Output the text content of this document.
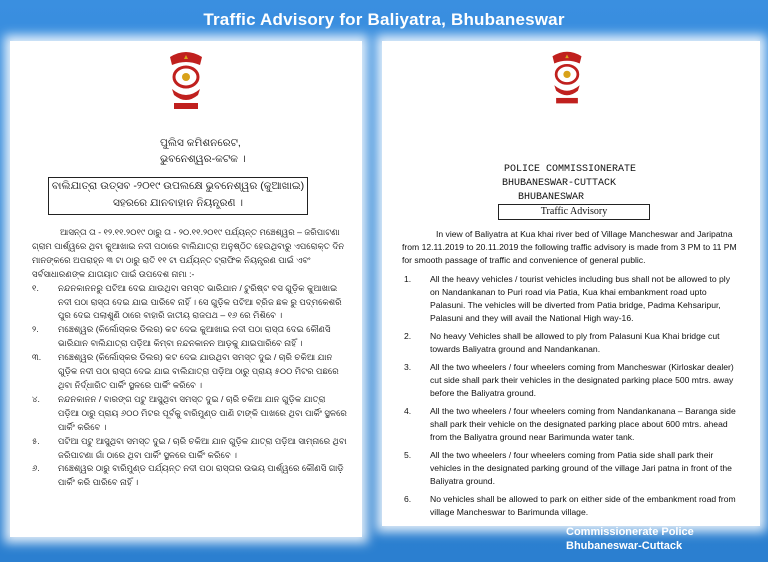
Traffic Advisory for Baliyatra, Bhubaneswar
ପୁଲିସ କମିଶନରେଟ,
ଭୁବନେଶ୍ୱର-କଟକ ।
ବାଲିଯାତ୍ରା ଉତ୍ସବ -୨୦୧୯ ଉପଲକ୍ଷେ ଭୁବନେଶ୍ୱର (କୁଆଖାଇ)
ସହରରେ ଯାନବାହାନ ନିୟନ୍ତ୍ରଣ ।

ଆସନ୍ତା ତା - ୧୨.୧୧.୨୦୧୯ ଠାରୁ ତା - ୨୦.୧୧.୨୦୧୯ ପର୍ଯ୍ୟନ୍ତ ମଞ୍ଚେଶ୍ୱର – ଜରିପାଟଣା ଗ୍ରାମ ପାର୍ଶ୍ୱରେ ଥିବା କୁଆଖାଇ ନଦୀ ପଠାରେ ବାଲିଯାତ୍ରା ଅନୁଷ୍ଠିତ ହେଉଥିବାରୁ ଏପରୋକ୍ତ ଦିନ ମାନଙ୍କରେ ଅପରାହ୍ନ ୩ ଟା ଠାରୁ ରାତି ୧୧ ଟା ପର୍ଯ୍ୟନ୍ତ ଟ୍ରାଫିକ ନିୟନ୍ତ୍ରଣ ପାଇଁ ଏବଂ ସର୍ବସାଧାରଣଙ୍କ ଯାତାୟାତ ପାଇଁ ଉପଦେଶ ନାମା :-

୧.	ନନ୍ଦନକାନନରୁ ପଟିଆ ଦେଇ ଯାଉଥିବା ସମସ୍ତ ଭାରିଯାନ / ଟୁରିଷ୍ଟ ବସ ଗୁଡ଼ିକ କୁଆଖାଇ ନଦୀ ପଠା ରାସ୍ତା ଦେଇ ଯାଇ ପାରିବେ ନାହିଁ । ସେ ଗୁଡ଼ିକ ପଟିଆ ବ୍ରିଜ ଛକ ରୁ ପଦ୍ମକେଶରି ପୁର ଦେଇ ପଲାଶୁଣି ଠାରେ ବାହାରି ଜାତୀୟ ରାଜପଥ – ୧୬ ରେ ମିଶିବେ ।
୨.	ମଞ୍ଚେଶ୍ୱର (କିର୍ଲୋସ୍କର ଡିଲର) କଟ ଦେଇ କୁଆଖାଇ ନଦୀ ପଠା ରାସ୍ତା ଦେଇ କୌଣସି ଭାରିଯାନ ବାଲିଯାତ୍ରା ପଡ଼ିଆ କିମ୍ବା ନନ୍ଦନକାନନ ଆଡ଼କୁ ଯାଇପାରିବେ ନାହିଁ ।
୩.	ମଞ୍ଚେଶ୍ୱର (କିର୍ଲୋସ୍କର ଡିଲର) କଟ ଦେଇ ଯାଉଥିବା ସମସ୍ତ ଦୁଇ / ଚାରି ଚକିଆ ଯାନ ଗୁଡ଼ିକ ନଦୀ ପଠା ରାସ୍ତା ଦେଇ ଯାଇ ବାଲିଯାତ୍ରା ପଡ଼ିଆ ଠାରୁ ପ୍ରାୟ ୫୦୦ ମିଟର ପଛରେ ଥିବା ନିର୍ଦ୍ଧାରିତ ପାର୍କିଂ ସ୍ଥଳରେ ପାର୍କିଂ କରିବେ ।
୪.	ନନ୍ଦନକାନନ / ବାରଙ୍ଗ ପଟୁ ଆସୁଥିବା ସମସ୍ତ ଦୁଇ / ଚାରି ଚକିଆ ଯାନ ଗୁଡ଼ିକ ଯାତ୍ରା ପଡ଼ିଆ ଠାରୁ ପ୍ରାୟ ୬୦୦ ମିଟର ପୂର୍ବକୁ ବାରିମୁଣ୍ଡ ପାଣି ଟାଙ୍କି ପାଖରେ ଥିବା ପାର୍କିଂ ସ୍ଥଳରେ ପାର୍କିଂ କରିବେ ।
୫.	ପଟିଆ ପଟୁ ଆସୁଥିବା ସମସ୍ତ ଦୁଇ / ଚାରି ଚକିଆ ଯାନ ଗୁଡ଼ିକ ଯାତ୍ରା ପଡ଼ିଆ ସାମ୍ନାରେ ଥିବା ଜରିପାଟଣା ଗାଁ ଠାରେ ଥିବା ପାର୍କିଂ ସ୍ଥଳରେ ପାର୍କିଂ କରିବେ ।
୬.	ମଞ୍ଚେଶ୍ୱର ଠାରୁ ବାରିମୁଣ୍ଡ ପର୍ଯ୍ୟନ୍ତ ନଦୀ ପଠା ରାସ୍ତାର ଉଭୟ ପାର୍ଶ୍ୱରେ କୌଣସି ଗାଡ଼ି ପାର୍କିଂ କରି ପାରିବେ ନାହିଁ ।
POLICE COMMISSIONERATE
BHUBANESWAR-CUTTACK
BHUBANESWAR
Traffic Advisory

In view of Baliyatra at Kua khai river bed of Village Mancheswar and Jaripatna from 12.11.2019 to 20.11.2019 the following traffic advisory is made from 3 PM to 11 PM for smooth passage of traffic and convenience of general public.

1.	All the heavy vehicles / tourist vehicles including bus shall not be allowed to ply on Nandankanan to Puri road via Patia, Kua khai embankment road upto Palasuni. The vehicles will be diverted from Patia bridge, Padma Kehsaripur, Palasuni and they will avail the National High way-16.
2.	No heavy Vehicles shall be allowed to ply from Palasuni Kua Khai bridge cut towards Baliyatra ground and Nandankanan.
3.	All the two wheelers / four wheelers coming from Mancheswar (Kirloskar dealer) cut side shall park their vehicles in the designated parking place 500 mtrs. away before the Baliyatra ground.
4.	All the two wheelers / four wheelers coming from Nandankanana – Baranga side shall park their vehicle on the designated parking place about 600 mtrs. ahead from the Baliyatra ground near Barimunda water tank.
5.	All the two wheelers / four wheelers coming from Patia side shall park their vehicles in the designated parking ground of the village Jari patna in front of the Baliyatra ground.
6.	No vehicles shall be allowed to park on either side of the embankment road from village Mancheswar to Barimunda village.
Commissionerate Police
Bhubaneswar-Cuttack
